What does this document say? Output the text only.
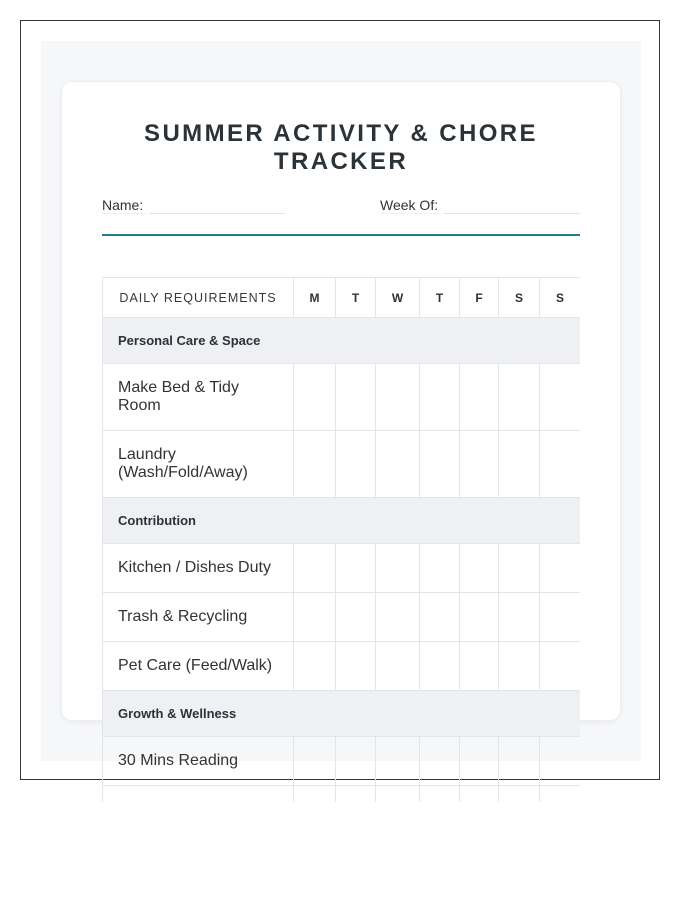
SUMMER ACTIVITY & CHORE TRACKER
Name:	Week Of:
DAILY REQUIREMENTS	M	T	W	T	F	S	S
Personal Care & Space							
Make Bed & Tidy Room							
Laundry (Wash/Fold/Away)							
Contribution							
Kitchen / Dishes Duty							
Trash & Recycling							
Pet Care (Feed/Walk)							
Growth & Wellness							
30 Mins Reading							
